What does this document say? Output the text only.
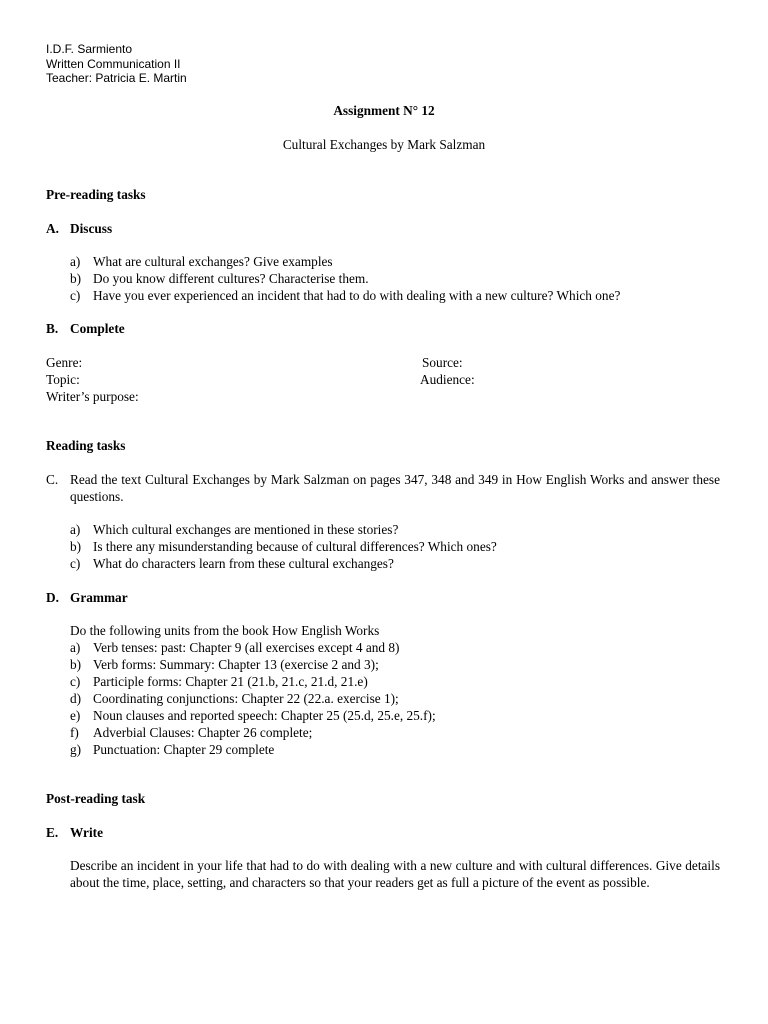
I.D.F. Sarmiento
Written Communication II
Teacher: Patricia E. Martin
Assignment N° 12
Cultural Exchanges by Mark Salzman
Pre-reading tasks
A. Discuss
a) What are cultural exchanges? Give examples
b) Do you know different cultures? Characterise them.
c) Have you ever experienced an incident that had to do with dealing with a new culture? Which one?
B. Complete
Genre:	Source:
Topic:	Audience:
Writer’s purpose:
Reading tasks
C. Read the text Cultural Exchanges by Mark Salzman on pages 347, 348 and 349 in How English Works and answer these questions.
a) Which cultural exchanges are mentioned in these stories?
b) Is there any misunderstanding because of cultural differences? Which ones?
c) What do characters learn from these cultural exchanges?
D. Grammar
Do the following units from the book How English Works
a) Verb tenses: past: Chapter 9 (all exercises except 4 and 8)
b) Verb forms: Summary: Chapter 13 (exercise 2 and 3);
c) Participle forms: Chapter 21 (21.b, 21.c, 21.d, 21.e)
d) Coordinating conjunctions: Chapter 22 (22.a. exercise 1);
e) Noun clauses and reported speech: Chapter 25 (25.d, 25.e, 25.f);
f) Adverbial Clauses: Chapter 26 complete;
g) Punctuation: Chapter 29 complete
Post-reading task
E. Write
Describe an incident in your life that had to do with dealing with a new culture and with cultural differences. Give details about the time, place, setting, and characters so that your readers get as full a picture of the event as possible.
